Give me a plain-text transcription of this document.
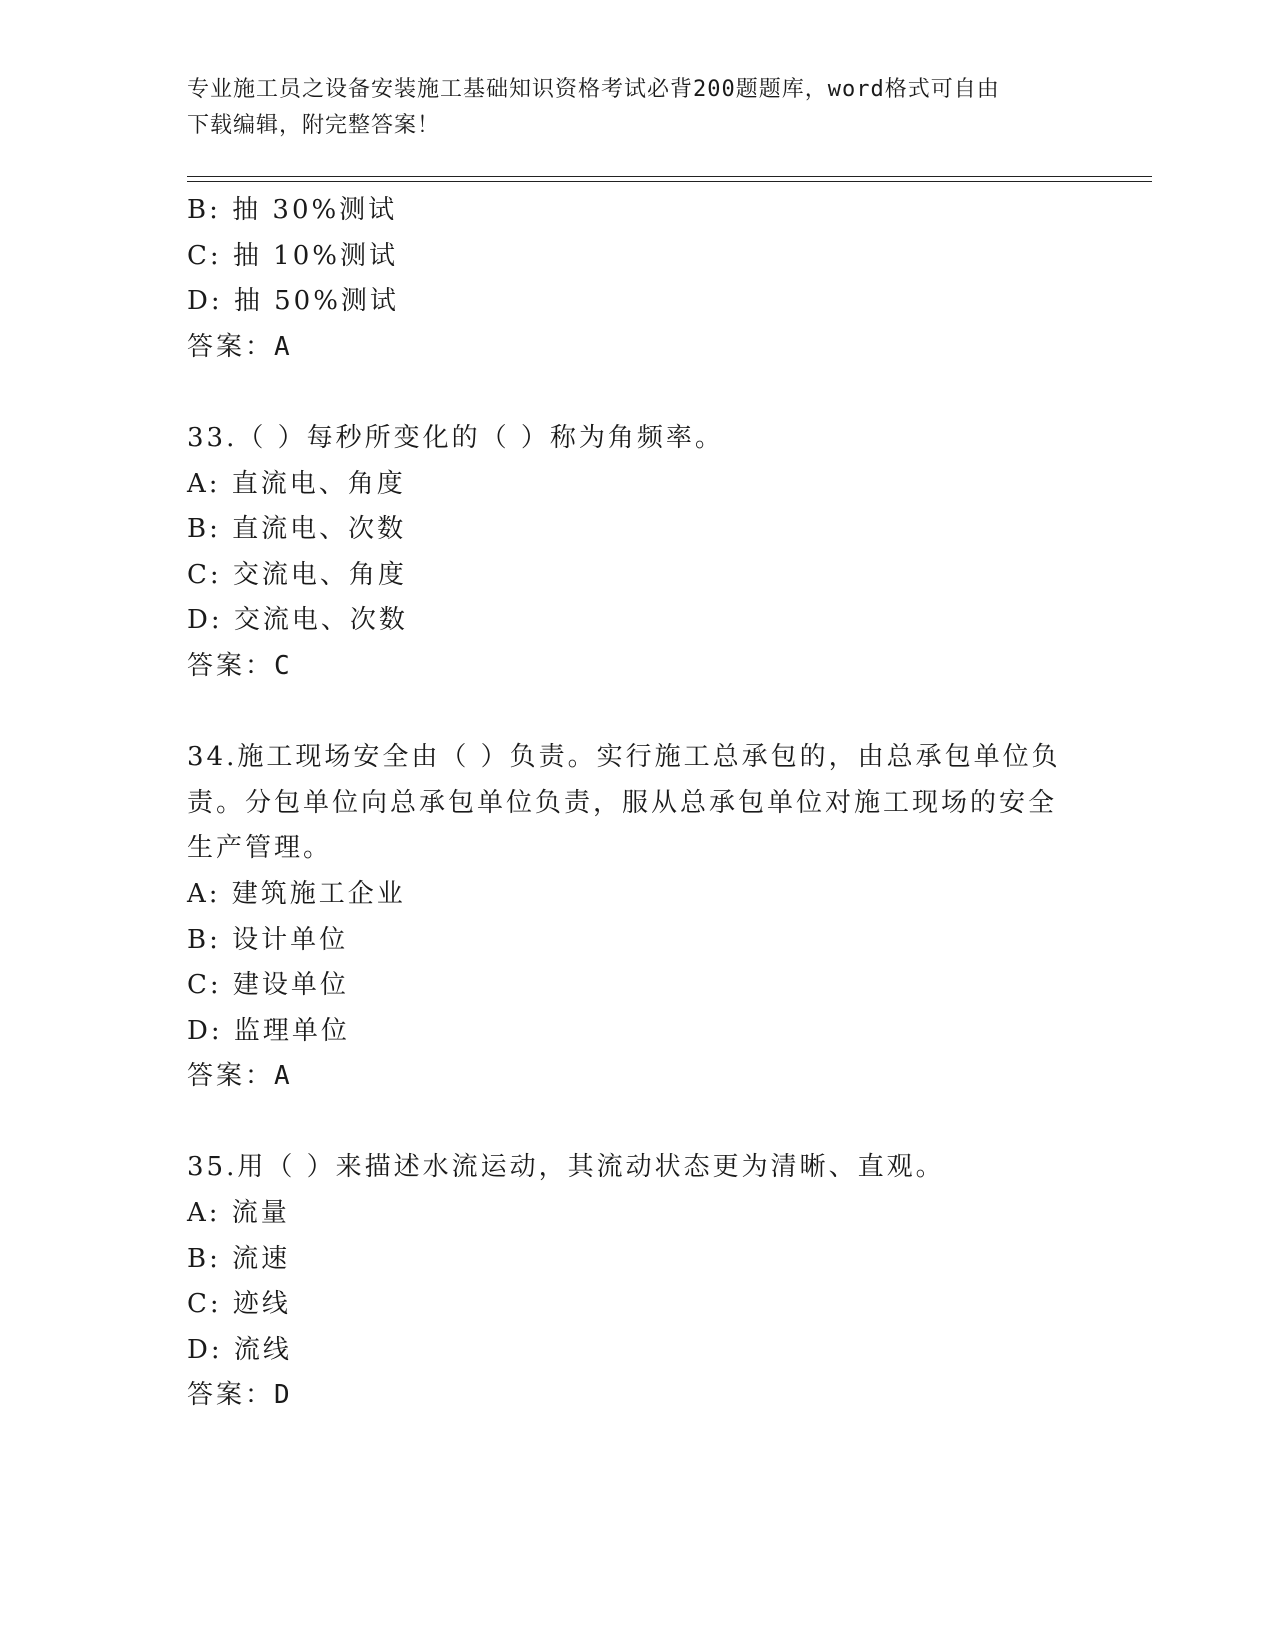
专业施工员之设备安装施工基础知识资格考试必背200题题库，word格式可自由
下载编辑，附完整答案！
B: 抽 30%测试
C: 抽 10%测试
D: 抽 50%测试
答案：A
33.（ ）每秒所变化的（ ）称为角频率。
A: 直流电、角度
B: 直流电、次数
C: 交流电、角度
D: 交流电、次数
答案：C
34.施工现场安全由（ ）负责。实行施工总承包的，由总承包单位负
责。分包单位向总承包单位负责，服从总承包单位对施工现场的安全
生产管理。
A: 建筑施工企业
B: 设计单位
C: 建设单位
D: 监理单位
答案：A
35.用（ ）来描述水流运动，其流动状态更为清晰、直观。
A: 流量
B: 流速
C: 迹线
D: 流线
答案：D
